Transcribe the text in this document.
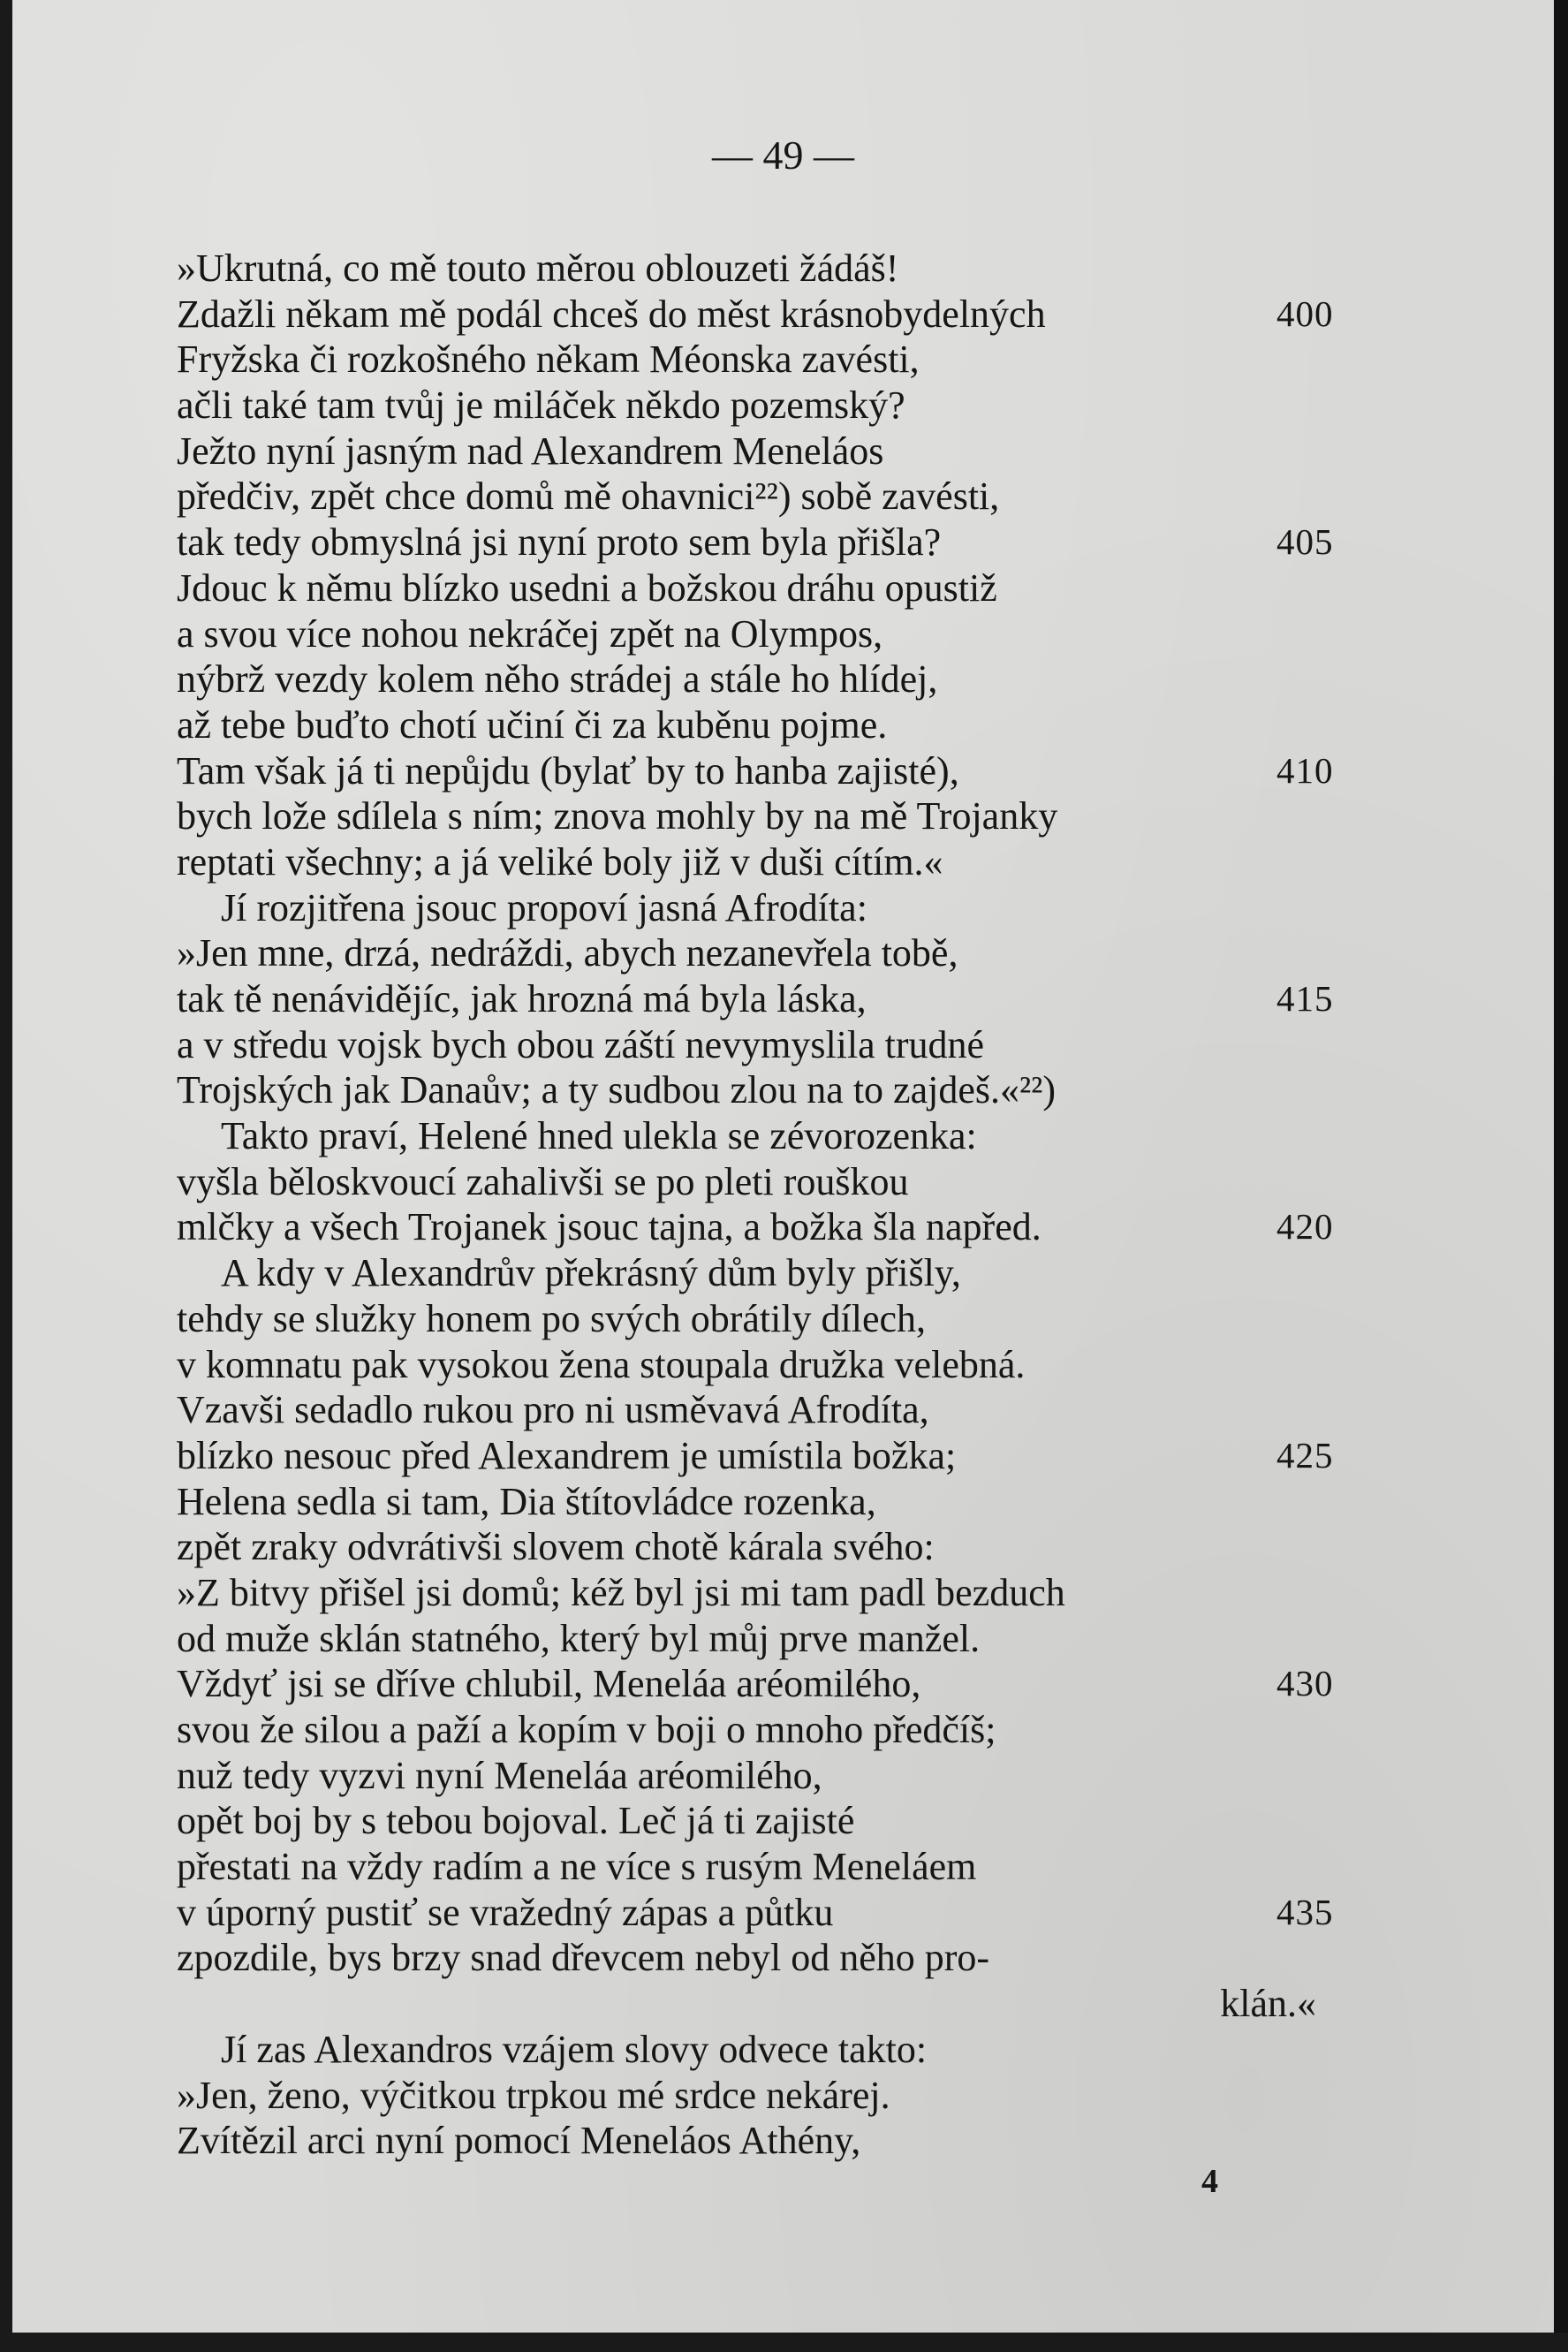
— 49 —
»Ukrutná, co mě touto měrou oblouzeti žádáš!
Zdažli někam mě podál chceš do měst krásnobydelných	400
Fryžska či rozkošného někam Méonska zavésti,
ačli také tam tvůj je miláček někdo pozemský?
Ježto nyní jasným nad Alexandrem Meneláos
předčiv, zpět chce domů mě ohavnici²²) sobě zavésti,
tak tedy obmyslná jsi nyní proto sem byla přišla?	405
Jdouc k němu blízko usedni a božskou dráhu opustiž
a svou více nohou nekráčej zpět na Olympos,
nýbrž vezdy kolem něho strádej a stále ho hlídej,
až tebe buďto chotí učiní či za kuběnu pojme.
Tam však já ti nepůjdu (bylať by to hanba zajisté),	410
bych lože sdílela s ním; znova mohly by na mě Trojanky
reptati všechny; a já veliké boly již v duši cítím.«
Jí rozjitřena jsouc propoví jasná Afrodíta:
»Jen mne, drzá, nedráždi, abych nezanevřela tobě,
tak tě nenávidějíc, jak hrozná má byla láska,	415
a v středu vojsk bych obou záští nevymyslila trudné
Trojských jak Danaův; a ty sudbou zlou na to zajdeš.«²²)
Takto praví, Helené hned ulekla se zévorozenka:
vyšla běloskvoucí zahalivši se po pleti rouškou
mlčky a všech Trojanek jsouc tajna, a božka šla napřed.	420
A kdy v Alexandrův překrásný dům byly přišly,
tehdy se služky honem po svých obrátily dílech,
v komnatu pak vysokou žena stoupala družka velebná.
Vzavši sedadlo rukou pro ni usměvavá Afrodíta,
blízko nesouc před Alexandrem je umístila božka;	425
Helena sedla si tam, Dia štítovládce rozenka,
zpět zraky odvrátivši slovem chotě kárala svého:
»Z bitvy přišel jsi domů; kéž byl jsi mi tam padl bezduch
od muže sklán statného, který byl můj prve manžel.
Vždyť jsi se dříve chlubil, Meneláa aréomilého,	430
svou že silou a paží a kopím v boji o mnoho předčíš;
nuž tedy vyzvi nyní Meneláa aréomilého,
opět boj by s tebou bojoval. Leč já ti zajisté
přestati na vždy radím a ne více s rusým Meneláem
v úporný pustiť se vražedný zápas a půtku	435
zpozdile, bys brzy snad dřevcem nebyl od něho pro-
klán.«
Jí zas Alexandros vzájem slovy odvece takto:
»Jen, ženo, výčitkou trpkou mé srdce nekárej.
Zvítězil arci nyní pomocí Meneláos Athény,
4
